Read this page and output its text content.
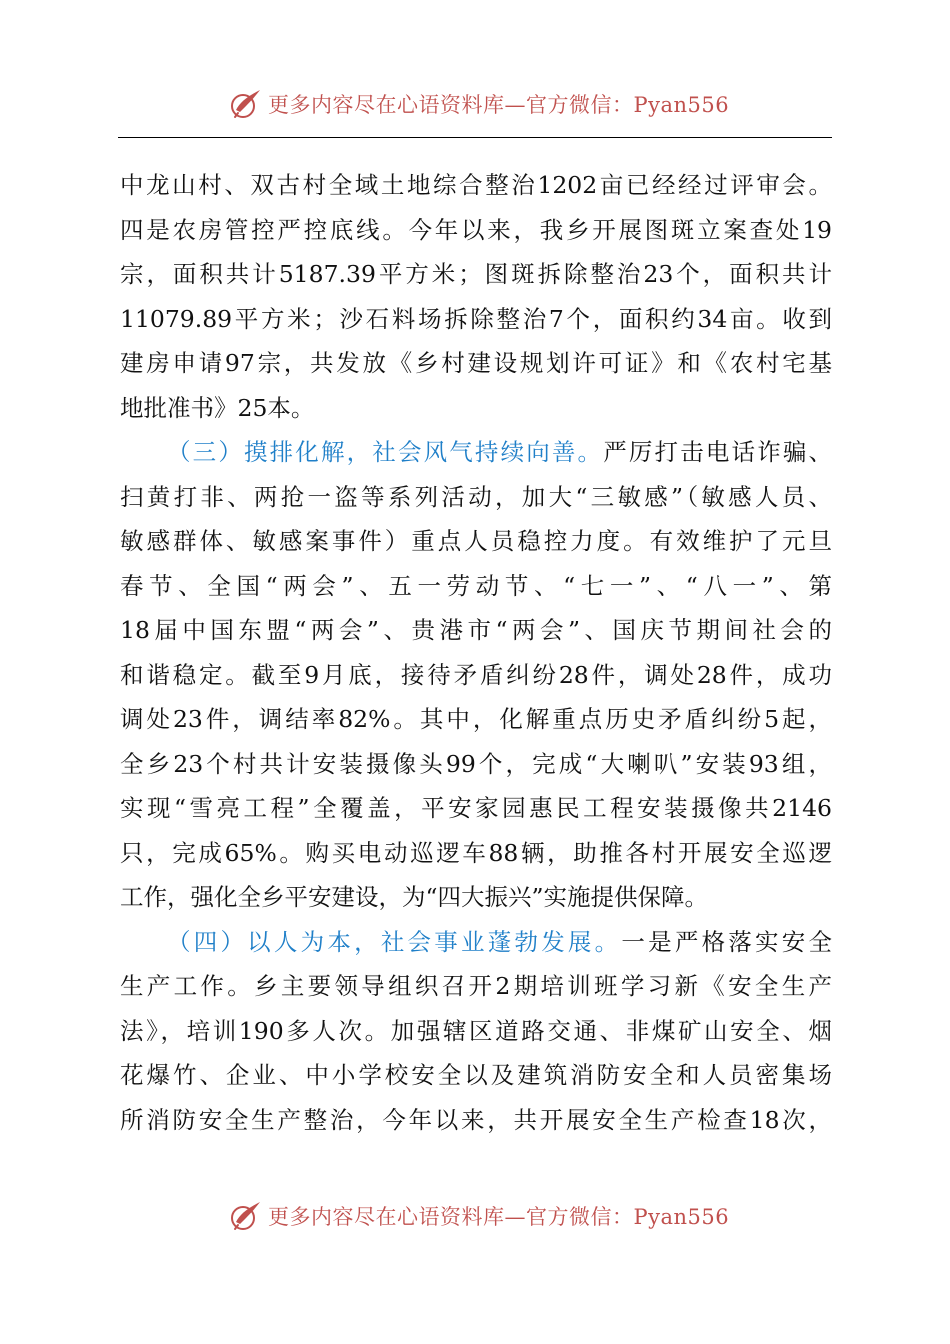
更多内容尽在心语资料库—官方微信：Pyan556
中龙山村、双古村全域土地综合整治1202亩已经经过评审会。
四是农房管控严控底线。今年以来，我乡开展图斑立案查处19
宗，面积共计5187.39平方米；图斑拆除整治23个，面积共计
11079.89平方米；沙石料场拆除整治7个，面积约34亩。收到
建房申请97宗，共发放《乡村建设规划许可证》和《农村宅基
地批准书》25本。
（三）摸排化解，社会风气持续向善。严厉打击电话诈骗、
扫黄打非、两抢一盗等系列活动，加大“三敏感”（敏感人员、
敏感群体、敏感案事件）重点人员稳控力度。有效维护了元旦
春节、全国“两会”、五一劳动节、“七一”、“八一”、第
18届中国东盟“两会”、贵港市“两会”、国庆节期间社会的
和谐稳定。截至9月底，接待矛盾纠纷28件，调处28件，成功
调处23件，调结率82%。其中，化解重点历史矛盾纠纷5起，
全乡23个村共计安装摄像头99个，完成“大喇叭”安装93组，
实现“雪亮工程”全覆盖，平安家园惠民工程安装摄像共2146
只，完成65%。购买电动巡逻车88辆，助推各村开展安全巡逻
工作，强化全乡平安建设，为“四大振兴”实施提供保障。
（四）以人为本，社会事业蓬勃发展。一是严格落实安全
生产工作。乡主要领导组织召开2期培训班学习新《安全生产
法》，培训190多人次。加强辖区道路交通、非煤矿山安全、烟
花爆竹、企业、中小学校安全以及建筑消防安全和人员密集场
所消防安全生产整治，今年以来，共开展安全生产检查18次，
更多内容尽在心语资料库—官方微信：Pyan556
